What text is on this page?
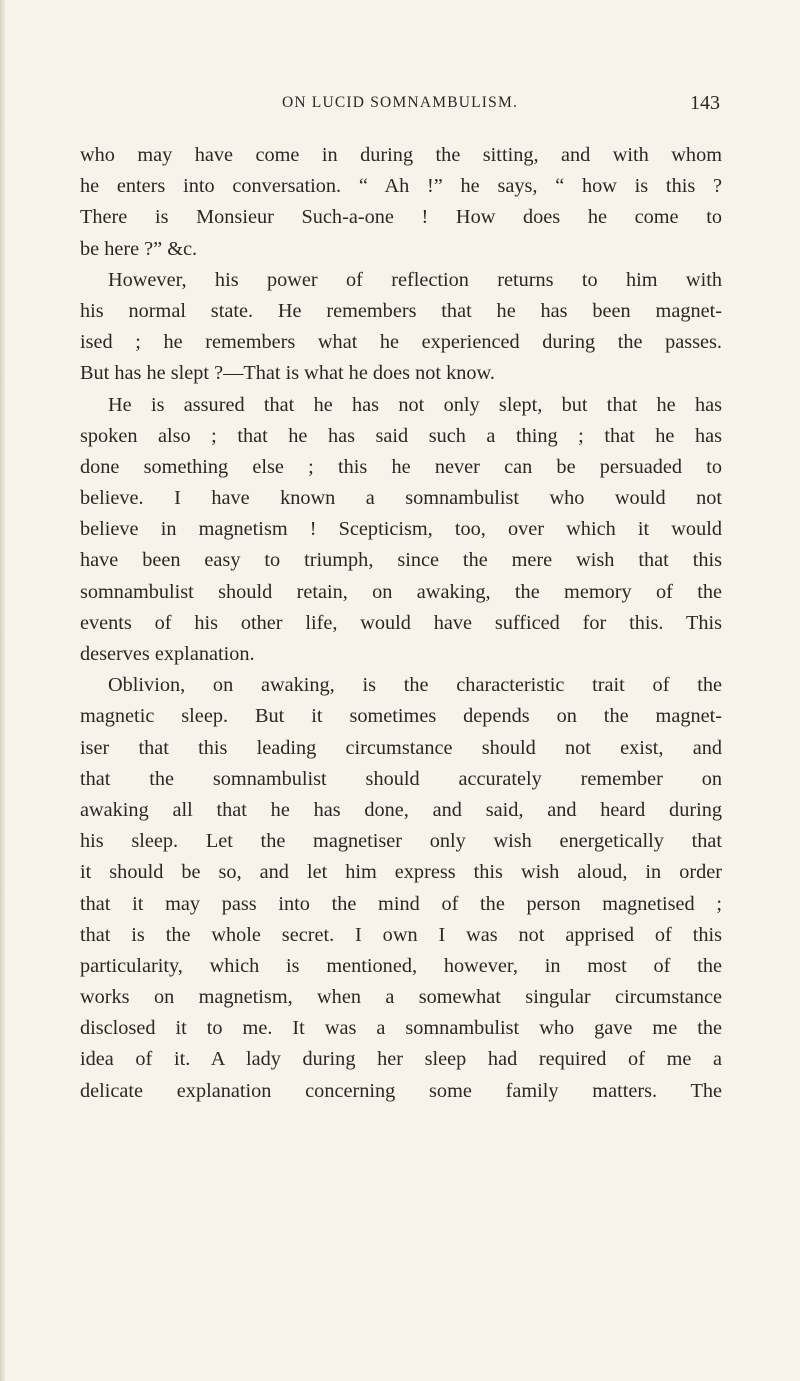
ON LUCID SOMNAMBULISM.	143
who may have come in during the sitting, and with whom
he enters into conversation. “ Ah !” he says, “ how is this ?
There is Monsieur Such-a-one ! How does he come to
be here ?” &c.
However, his power of reflection returns to him with
his normal state. He remembers that he has been magnet-
ised ; he remembers what he experienced during the passes.
But has he slept ?—That is what he does not know.
He is assured that he has not only slept, but that he has
spoken also ; that he has said such a thing ; that he has
done something else ; this he never can be persuaded to
believe. I have known a somnambulist who would not
believe in magnetism ! Scepticism, too, over which it would
have been easy to triumph, since the mere wish that this
somnambulist should retain, on awaking, the memory of the
events of his other life, would have sufficed for this. This
deserves explanation.
Oblivion, on awaking, is the characteristic trait of the
magnetic sleep. But it sometimes depends on the magnet-
iser that this leading circumstance should not exist, and
that the somnambulist should accurately remember on
awaking all that he has done, and said, and heard during
his sleep. Let the magnetiser only wish energetically that
it should be so, and let him express this wish aloud, in order
that it may pass into the mind of the person magnetised ;
that is the whole secret. I own I was not apprised of this
particularity, which is mentioned, however, in most of the
works on magnetism, when a somewhat singular circumstance
disclosed it to me. It was a somnambulist who gave me the
idea of it. A lady during her sleep had required of me a
delicate explanation concerning some family matters. The
